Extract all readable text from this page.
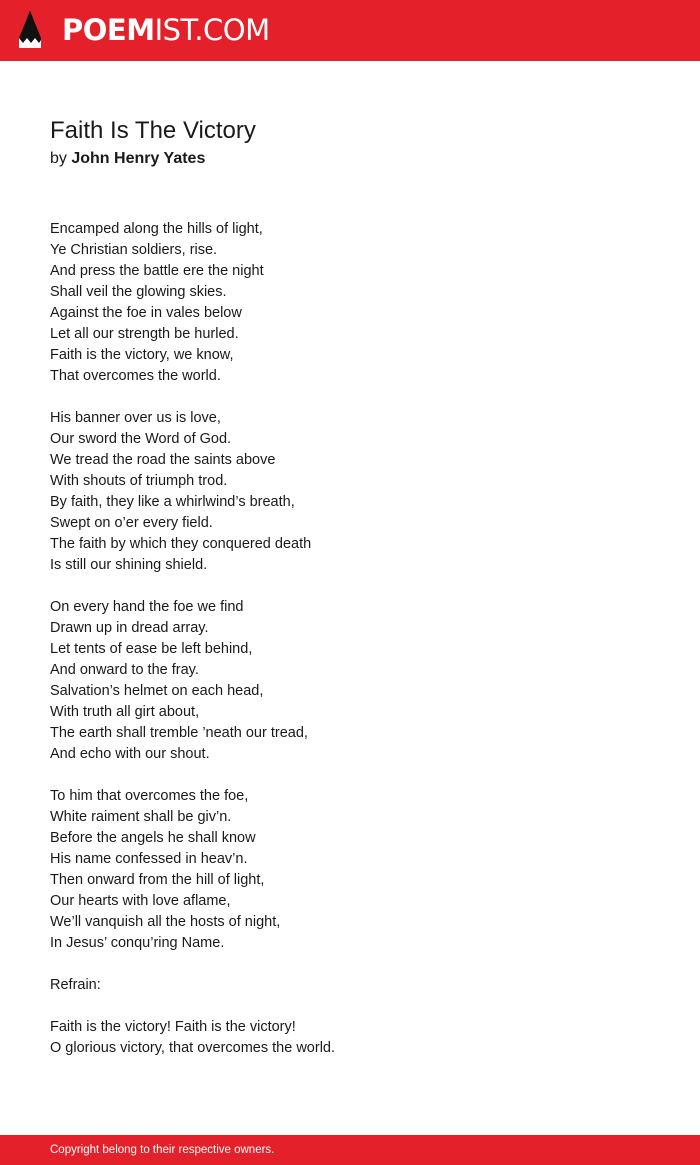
POEMIST.COM
Faith Is The Victory
by John Henry Yates
Encamped along the hills of light,
Ye Christian soldiers, rise.
And press the battle ere the night
Shall veil the glowing skies.
Against the foe in vales below
Let all our strength be hurled.
Faith is the victory, we know,
That overcomes the world.
His banner over us is love,
Our sword the Word of God.
We tread the road the saints above
With shouts of triumph trod.
By faith, they like a whirlwind’s breath,
Swept on o’er every field.
The faith by which they conquered death
Is still our shining shield.
On every hand the foe we find
Drawn up in dread array.
Let tents of ease be left behind,
And onward to the fray.
Salvation’s helmet on each head,
With truth all girt about,
The earth shall tremble ’neath our tread,
And echo with our shout.
To him that overcomes the foe,
White raiment shall be giv’n.
Before the angels he shall know
His name confessed in heav’n.
Then onward from the hill of light,
Our hearts with love aflame,
We’ll vanquish all the hosts of night,
In Jesus’ conqu’ring Name.
Refrain:
Faith is the victory! Faith is the victory!
O glorious victory, that overcomes the world.
Copyright belong to their respective owners.
